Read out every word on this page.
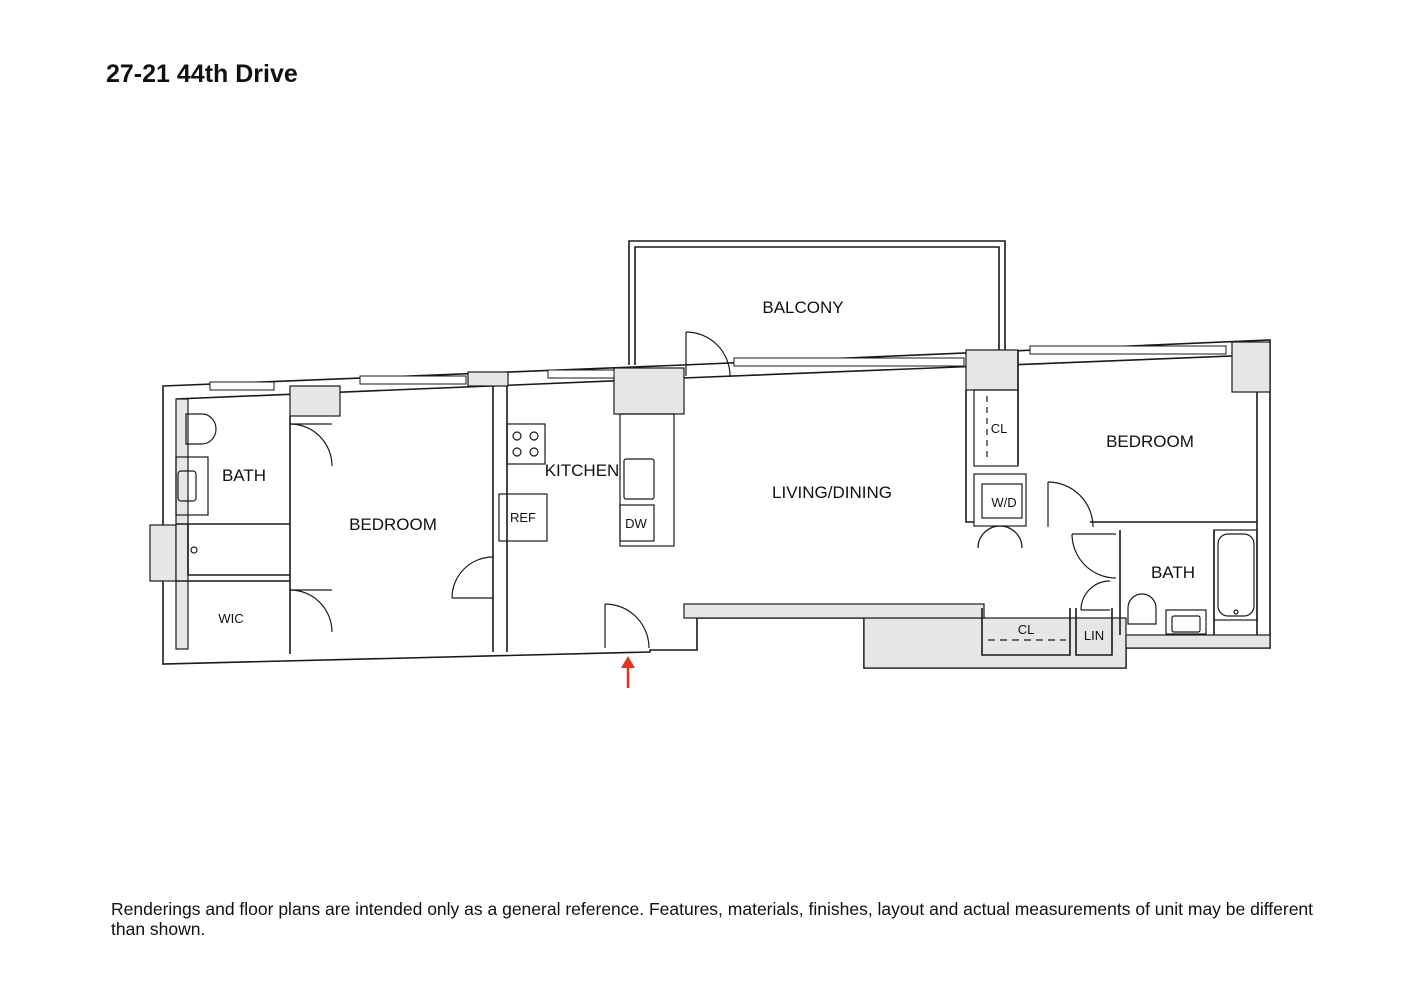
27-21 44th Drive
BALCONY
BATH
BEDROOM
WIC
KITCHEN
REF	DW
LIVING/DINING
CL
W/D
BEDROOM
BATH
CL	LIN

Renderings and floor plans are intended only as a general reference. Features, materials, finishes, layout and actual measurements of unit may be different than shown.
